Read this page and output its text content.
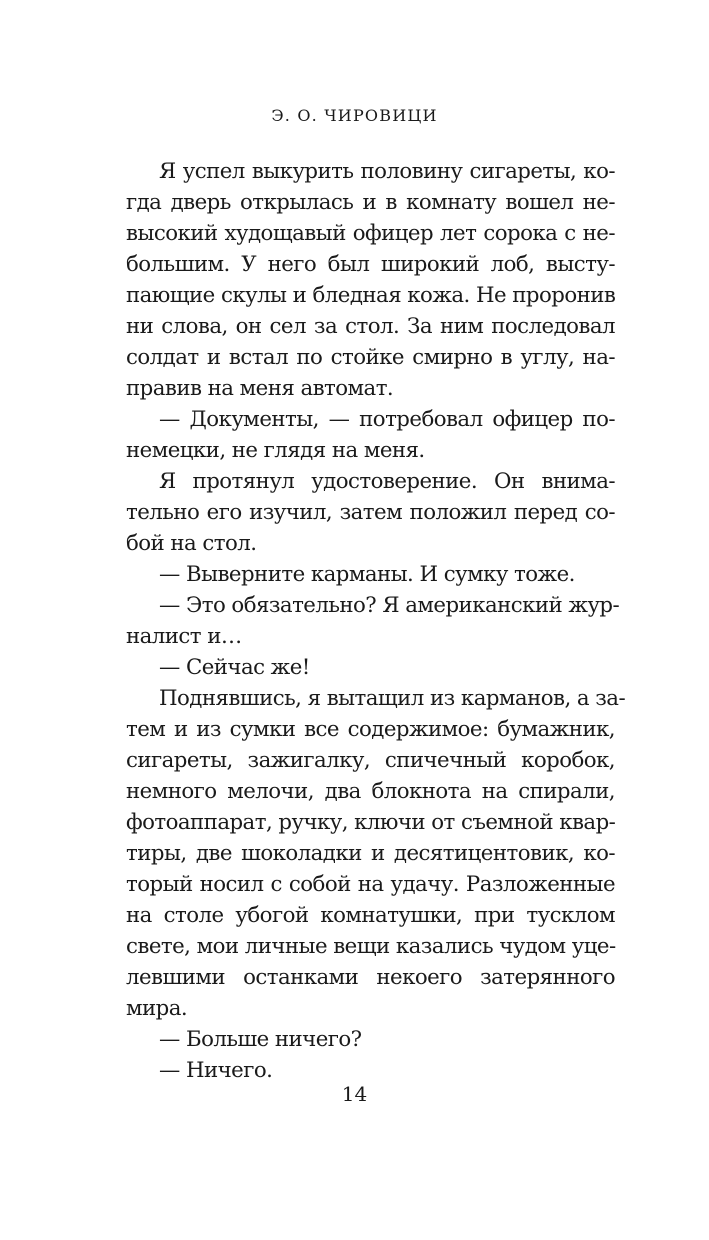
Э. О. ЧИРОВИЦИ
Я успел выкурить половину сигареты, ко-
гда дверь открылась и в комнату вошел не-
высокий худощавый офицер лет сорока с не-
большим. У него был широкий лоб, высту-
пающие скулы и бледная кожа. Не проронив
ни слова, он сел за стол. За ним последовал
солдат и встал по стойке смирно в углу, на-
правив на меня автомат.
— Документы, — потребовал офицер по-
немецки, не глядя на меня.
Я протянул удостоверение. Он внима-
тельно его изучил, затем положил перед со-
бой на стол.
— Выверните карманы. И сумку тоже.
— Это обязательно? Я американский жур-
налист и…
— Сейчас же!
Поднявшись, я вытащил из карманов, а за-
тем и из сумки все содержимое: бумажник,
сигареты, зажигалку, спичечный коробок,
немного мелочи, два блокнота на спирали,
фотоаппарат, ручку, ключи от съемной квар-
тиры, две шоколадки и десятицентовик, ко-
торый носил с собой на удачу. Разложенные
на столе убогой комнатушки, при тусклом
свете, мои личные вещи казались чудом уце-
левшими останками некоего затерянного
мира.
— Больше ничего?
— Ничего.
14
